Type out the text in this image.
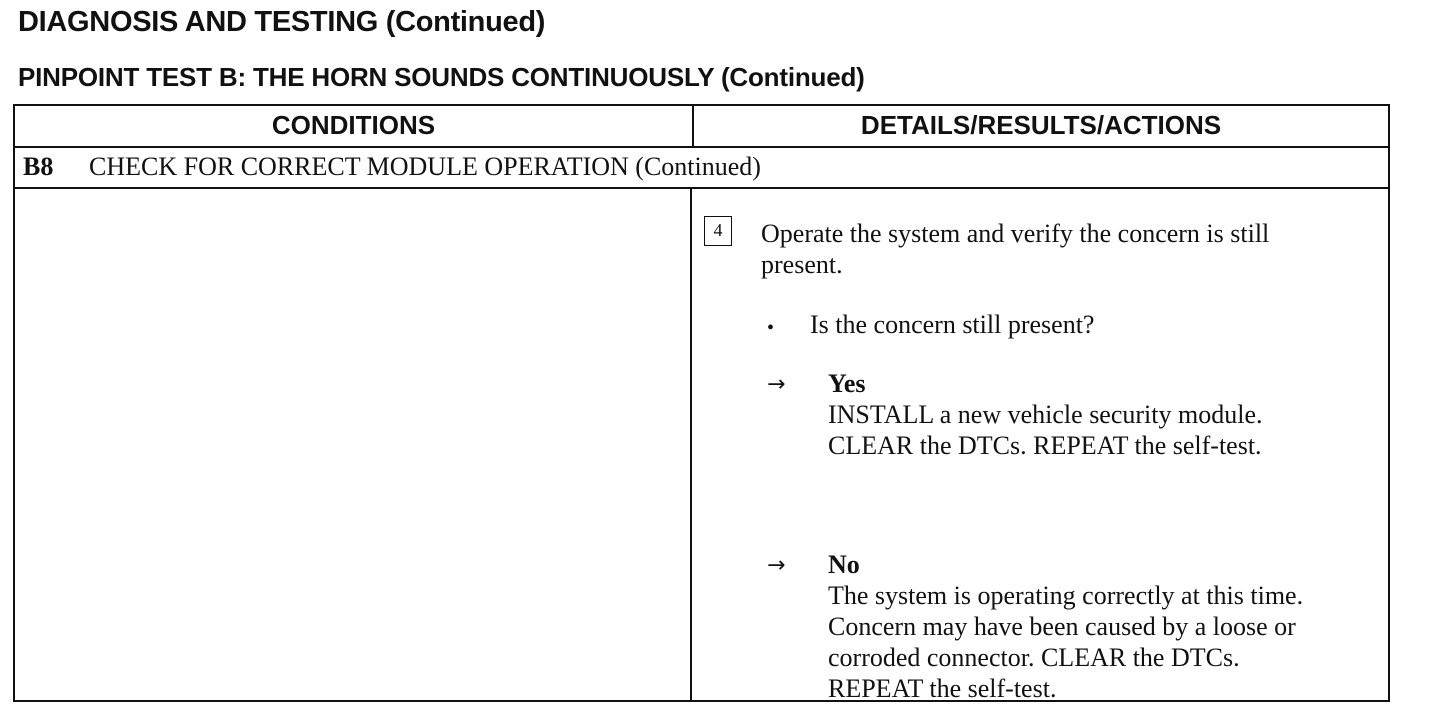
DIAGNOSIS AND TESTING (Continued)
PINPOINT TEST B: THE HORN SOUNDS CONTINUOUSLY (Continued)
CONDITIONS	DETAILS/RESULTS/ACTIONS
B8 CHECK FOR CORRECT MODULE OPERATION (Continued)
4	Operate the system and verify the concern is still
present.
• Is the concern still present?
→ Yes
INSTALL a new vehicle security module.
CLEAR the DTCs. REPEAT the self-test.
→ No
The system is operating correctly at this time.
Concern may have been caused by a loose or
corroded connector. CLEAR the DTCs.
REPEAT the self-test.
